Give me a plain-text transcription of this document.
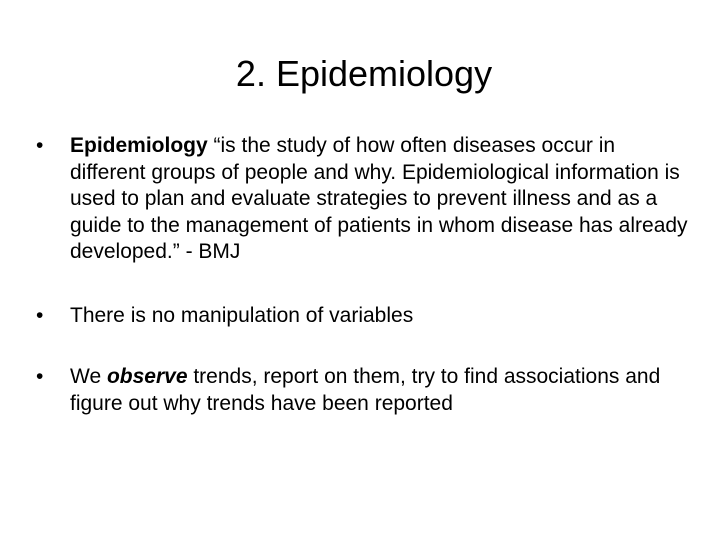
2. Epidemiology
• Epidemiology “is the study of how often diseases occur in different groups of people and why. Epidemiological information is used to plan and evaluate strategies to prevent illness and as a guide to the management of patients in whom disease has already developed.” - BMJ
• There is no manipulation of variables
• We observe trends, report on them, try to find associations and figure out why trends have been reported
